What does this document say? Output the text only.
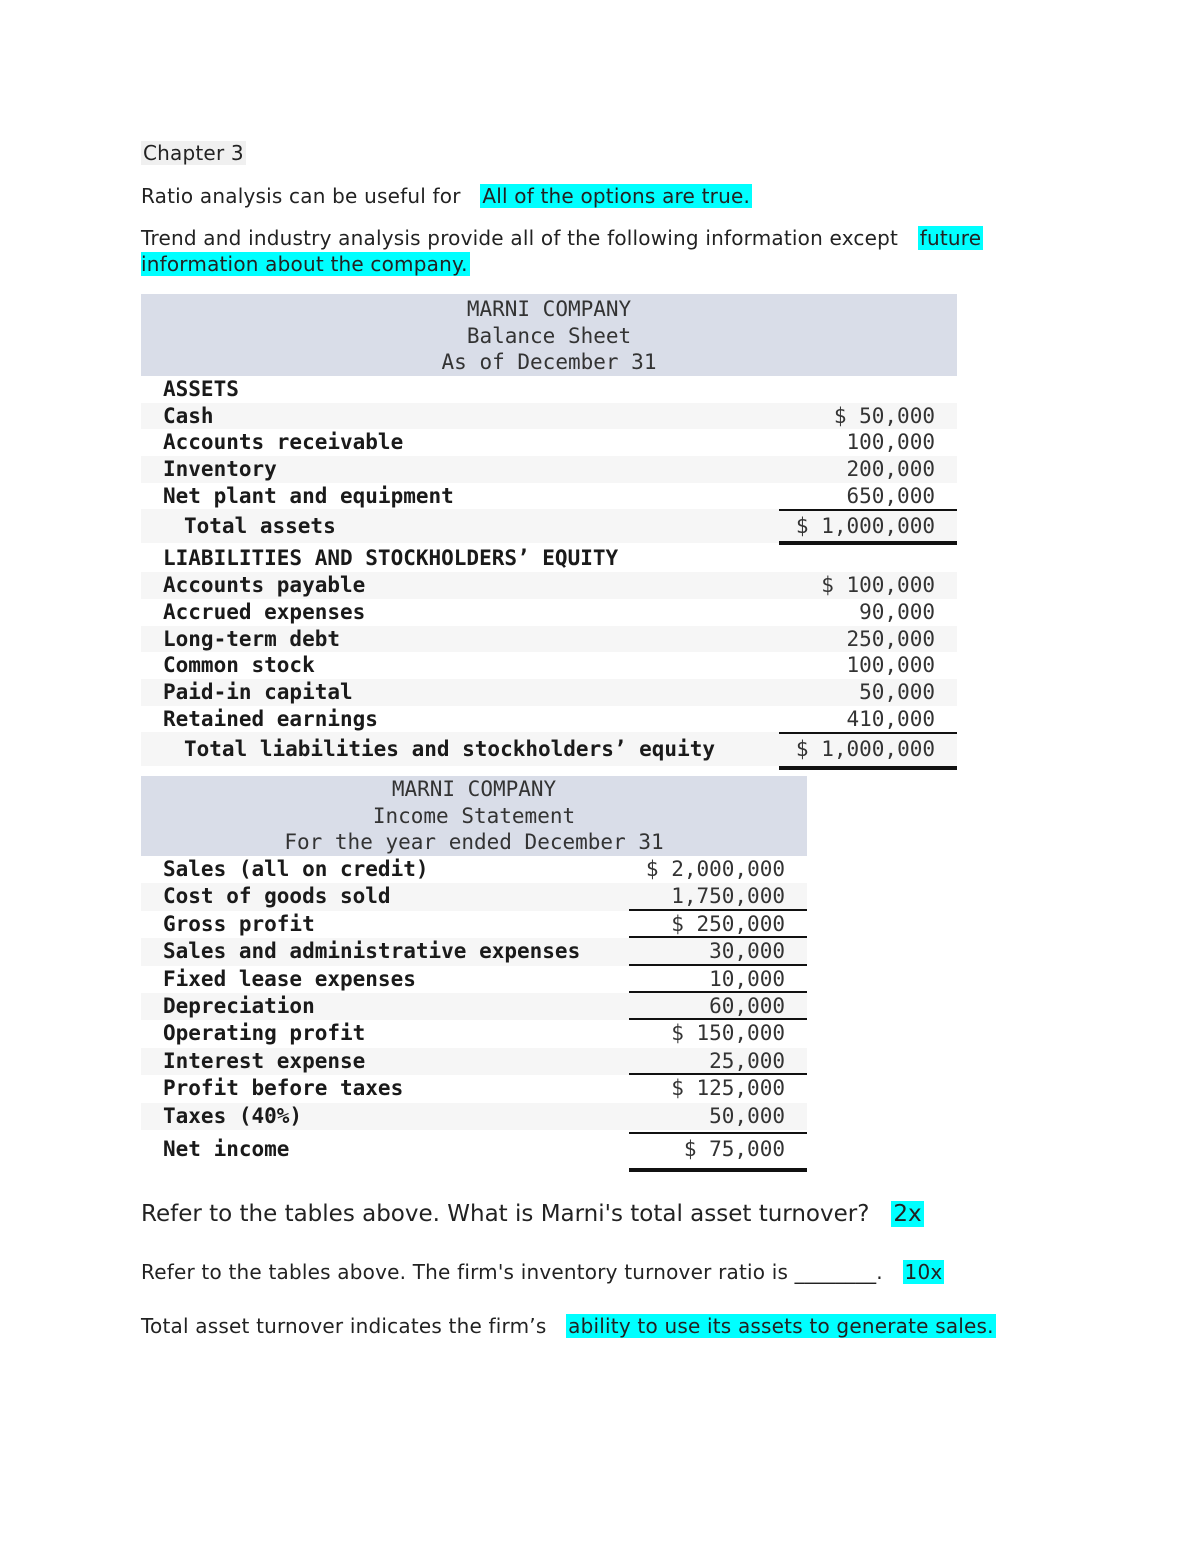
Chapter 3
Ratio analysis can be useful for All of the options are true.
Trend and industry analysis provide all of the following information except future
information about the company.
MARNI COMPANY
Balance Sheet
As of December 31
ASSETS
Cash	$ 50,000
Accounts receivable	100,000
Inventory	200,000
Net plant and equipment	650,000
Total assets	$ 1,000,000
LIABILITIES AND STOCKHOLDERS’ EQUITY
Accounts payable	$ 100,000
Accrued expenses	90,000
Long-term debt	250,000
Common stock	100,000
Paid-in capital	50,000
Retained earnings	410,000
Total liabilities and stockholders’ equity	$ 1,000,000
MARNI COMPANY
Income Statement
For the year ended December 31
Sales (all on credit)	$ 2,000,000
Cost of goods sold	1,750,000
Gross profit	$ 250,000
Sales and administrative expenses	30,000
Fixed lease expenses	10,000
Depreciation	60,000
Operating profit	$ 150,000
Interest expense	25,000
Profit before taxes	$ 125,000
Taxes (40%)	50,000
Net income	$ 75,000
Refer to the tables above. What is Marni's total asset turnover? 2x
Refer to the tables above. The firm's inventory turnover ratio is ________. 10x
Total asset turnover indicates the firm’s ability to use its assets to generate sales.
